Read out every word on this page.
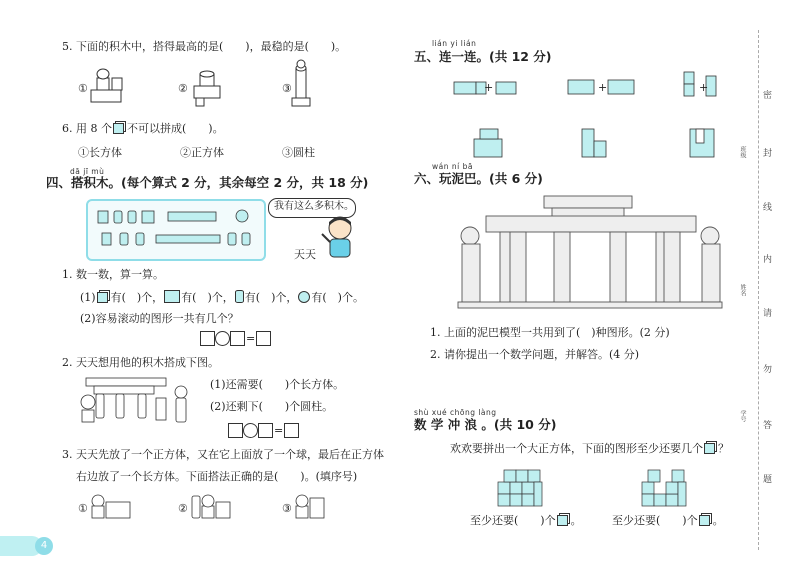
5. 下面的积木中，搭得最高的是(　　)，最稳的是(　　)。
①	②	③
6. 用 8 个 不可以拼成(　　)。
①长方体	②正方体	③圆柱
dā jī mù
四、搭积木。(每个算式 2 分，其余每空 2 分，共 18 分)
我有这么多积木。
天天
1. 数一数，算一算。
(1) 有(　)个， 有(　)个， 有(　)个， 有(　)个。
(2)容易滚动的图形一共有几个？
=
2. 天天想用他的积木搭成下图。
(1)还需要(　　)个长方体。
(2)还剩下(　　)个圆柱。
=
3. 天天先放了一个正方体，又在它上面放了一个球，最后在正方体
右边放了一个长方体。下面搭法正确的是(　　)。(填序号)
①	②	③
4
lián yi lián
五、连一连。(共 12 分)
+	+	+
wán ní bā
六、玩泥巴。(共 6 分)
1. 上面的泥巴模型一共用到了(　)种图形。(2 分)
2. 请你提出一个数学问题，并解答。(4 分)
shù xué chōng làng
数 学 冲 浪 。(共 10 分)
欢欢要拼出一个大正方体，下面的图形至少还要几个 ？
至少还要(　　)个 。	至少还要(　　)个 。
密
封
线
内
请
勿
答
题
班级
姓名
学号
